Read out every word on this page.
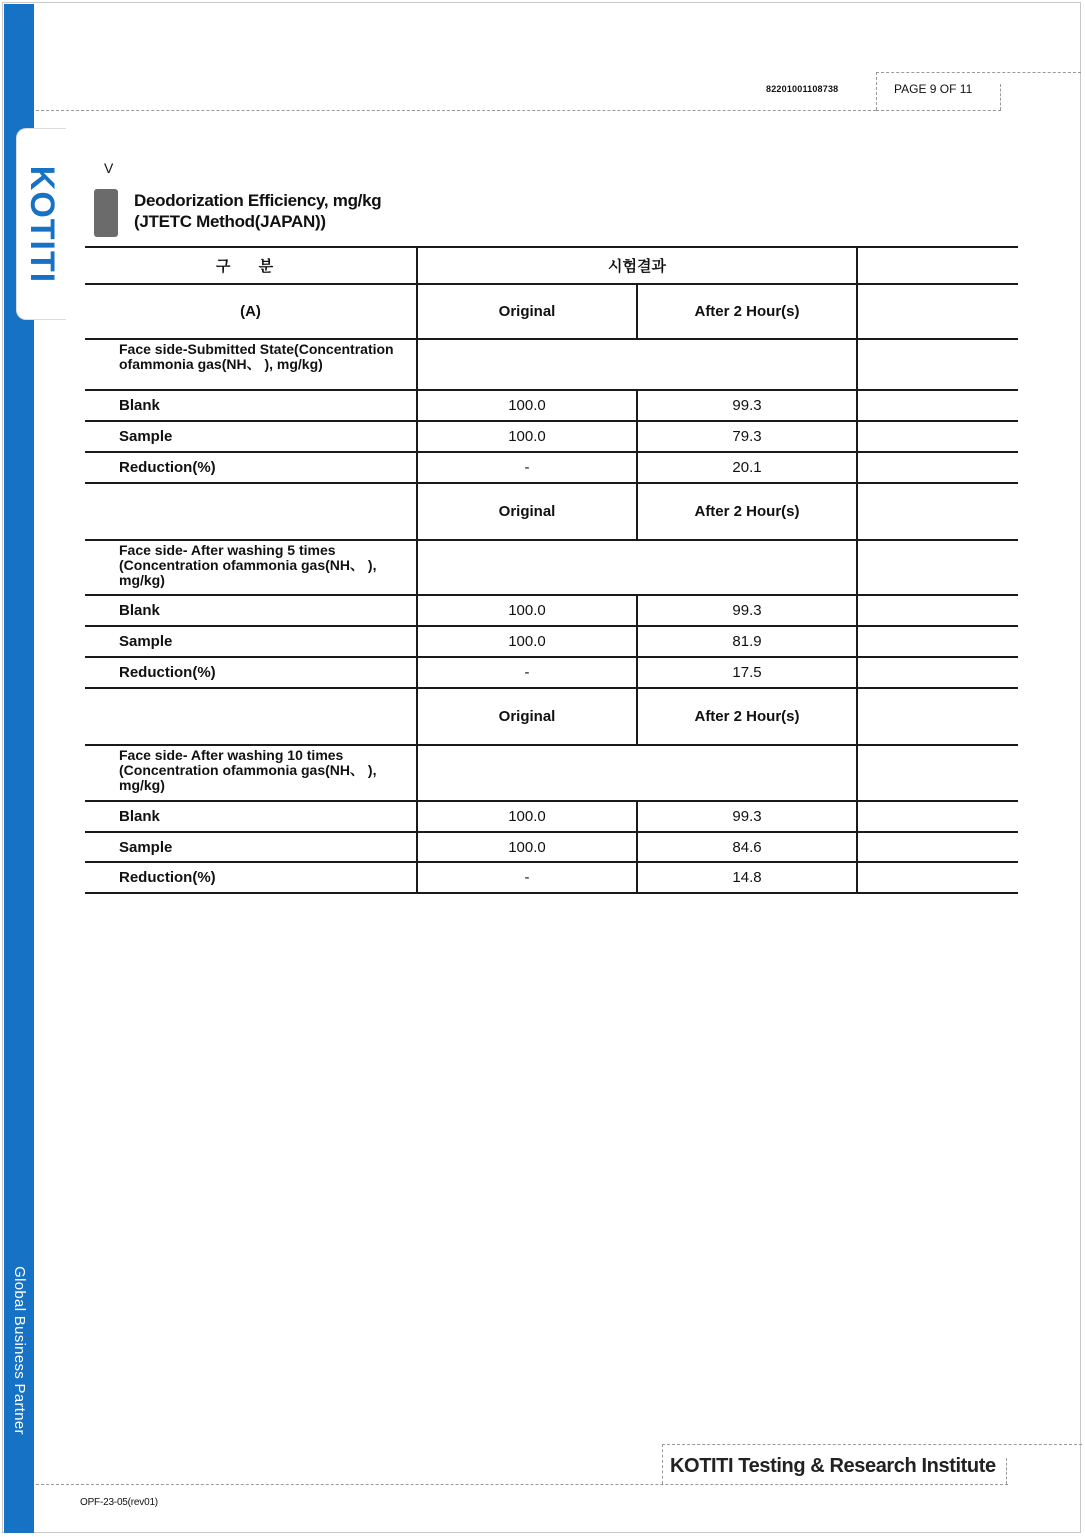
KOTITI
Global Business Partner
82201001108738	PAGE 9 OF 11
V
Deodorization Efficiency, mg/kg
(JTETC Method(JAPAN))
구 분	시험결과		
(A)	Original	After 2 Hour(s)	
Face side-Submitted State(Concentration ofammonia gas(NH、 ), mg/kg)			
Blank	100.0	99.3	
Sample	100.0	79.3	
Reduction(%)	-	20.1	
	Original	After 2 Hour(s)	
Face side- After washing 5 times (Concentration ofammonia gas(NH、 ), mg/kg)			
Blank	100.0	99.3	
Sample	100.0	81.9	
Reduction(%)	-	17.5	
	Original	After 2 Hour(s)	
Face side- After washing 10 times (Concentration ofammonia gas(NH、 ), mg/kg)			
Blank	100.0	99.3	
Sample	100.0	84.6	
Reduction(%)	-	14.8	
KOTITI Testing & Research Institute
OPF-23-05(rev01)
